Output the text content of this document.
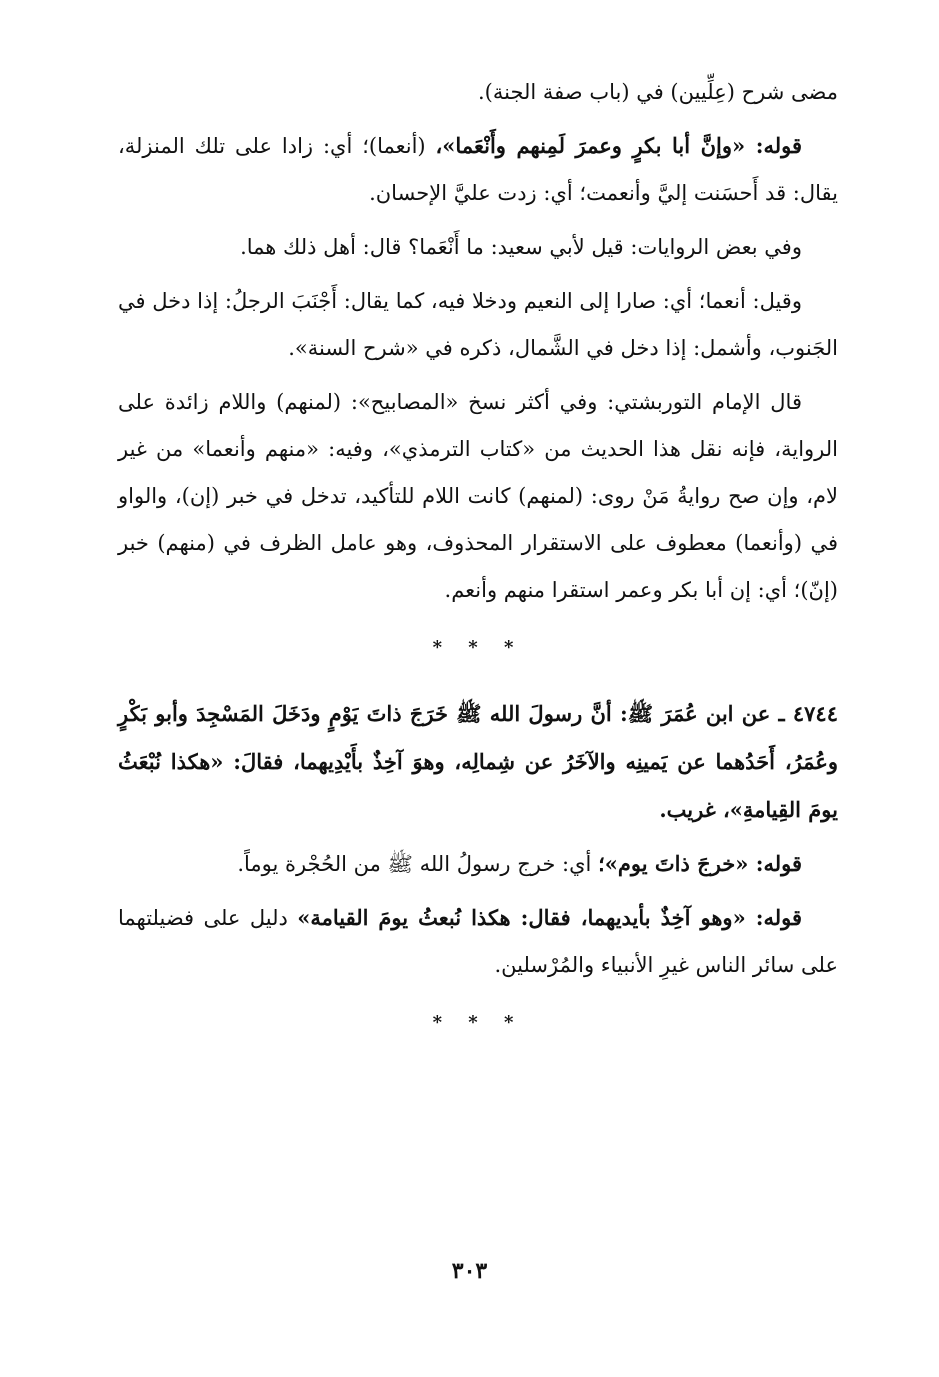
مضى شرح (عِلِّيين) في (باب صفة الجنة).

قوله: «وإنَّ أبا بكرٍ وعمرَ لَمِنهم وأَنْعَما»، (أنعما)؛ أي: زادا على تلك المنزلة، يقال: قد أَحسَنت إليَّ وأنعمت؛ أي: زدت عليَّ الإحسان.

وفي بعض الروايات: قيل لأبي سعيد: ما أَنْعَما؟ قال: أهل ذلك هما.

وقيل: أنعما؛ أي: صارا إلى النعيم ودخلا فيه، كما يقال: أَجْنَبَ الرجلُ: إذا دخل في الجَنوب، وأشمل: إذا دخل في الشَّمال، ذكره في «شرح السنة».

قال الإمام التوربشتي: وفي أكثر نسخ «المصابيح»: (لمنهم) واللام زائدة على الرواية، فإنه نقل هذا الحديث من «كتاب الترمذي»، وفيه: «منهم وأنعما» من غير لام، وإن صح روايةُ مَنْ روى: (لمنهم) كانت اللام للتأكيد، تدخل في خبر (إن)، والواو في (وأنعما) معطوف على الاستقرار المحذوف، وهو عامل الظرف في (منهم) خبر (إنّ)؛ أي: إن أبا بكر وعمر استقرا منهم وأنعم.

* * *

٤٧٤٤ ـ عن ابن عُمَرَ ﷺ: أنَّ رسولَ الله ﷺ خَرَجَ ذاتَ يَوْمٍ ودَخَلَ المَسْجِدَ وأبو بَكْرٍ وعُمَرُ، أَحَدُهما عن يَمينِه والآخَرُ عن شِمالِه، وهوَ آخِذٌ بأَيْدِيهما، فقالَ: «هكذا نُبْعَثُ يومَ القِيامةِ»، غريب.

قوله: «خرجَ ذاتَ يوم»؛ أي: خرج رسولُ الله ﷺ من الحُجْرة يوماً.

قوله: «وهو آخِذٌ بأيديهما، فقال: هكذا نُبعثُ يومَ القيامة» دليل على فضيلتهما على سائر الناس غيرِ الأنبياء والمُرْسلين.

* * *
٣٠٣
